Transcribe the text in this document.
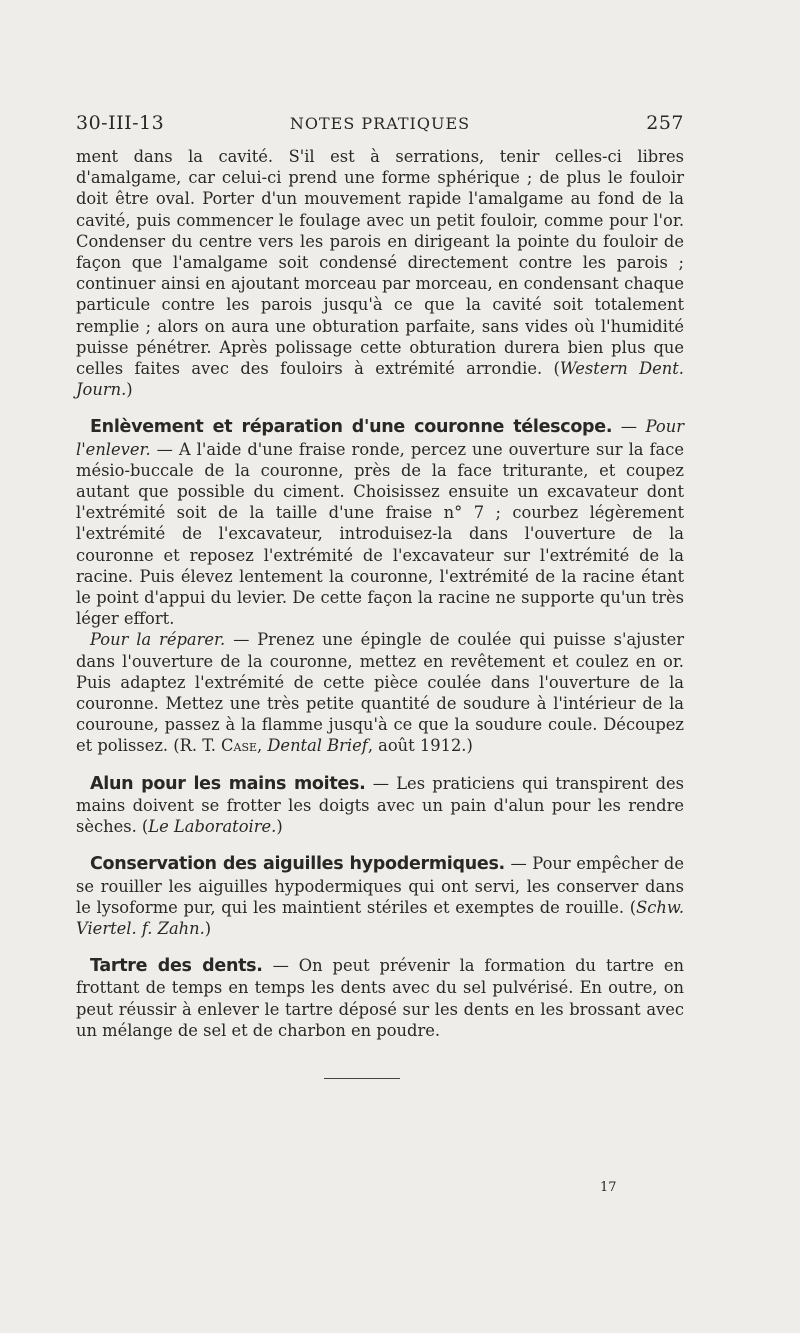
30-III-13	NOTES PRATIQUES	257

ment dans la cavité. S'il est à serrations, tenir celles-ci libres d'amalgame, car celui-ci prend une forme sphérique ; de plus le fouloir doit être oval. Porter d'un mouvement rapide l'amalgame au fond de la cavité, puis commencer le foulage avec un petit fouloir, comme pour l'or. Condenser du centre vers les parois en dirigeant la pointe du fouloir de façon que l'amalgame soit condensé directement contre les parois ; continuer ainsi en ajoutant morceau par morceau, en condensant chaque particule contre les parois jusqu'à ce que la cavité soit totalement remplie ; alors on aura une obturation parfaite, sans vides où l'humidité puisse pénétrer. Après polissage cette obturation durera bien plus que celles faites avec des fouloirs à extrémité arrondie. (Western Dent. Journ.)

Enlèvement et réparation d'une couronne télescope. — Pour l'enlever. — A l'aide d'une fraise ronde, percez une ouverture sur la face mésio-buccale de la couronne, près de la face triturante, et coupez autant que possible du ciment. Choisissez ensuite un excavateur dont l'extrémité soit de la taille d'une fraise n° 7 ; courbez légèrement l'extrémité de l'excavateur, introduisez-la dans l'ouverture de la couronne et reposez l'extrémité de l'excavateur sur l'extrémité de la racine. Puis élevez lentement la couronne, l'extrémité de la racine étant le point d'appui du levier. De cette façon la racine ne supporte qu'un très léger effort.

Pour la réparer. — Prenez une épingle de coulée qui puisse s'ajuster dans l'ouverture de la couronne, mettez en revêtement et coulez en or. Puis adaptez l'extrémité de cette pièce coulée dans l'ouverture de la couronne. Mettez une très petite quantité de soudure à l'intérieur de la couroune, passez à la flamme jusqu'à ce que la soudure coule. Découpez et polissez. (R. T. Case, Dental Brief, août 1912.)

Alun pour les mains moites. — Les praticiens qui transpirent des mains doivent se frotter les doigts avec un pain d'alun pour les rendre sèches. (Le Laboratoire.)

Conservation des aiguilles hypodermiques. — Pour empêcher de se rouiller les aiguilles hypodermiques qui ont servi, les conserver dans le lysoforme pur, qui les maintient stériles et exemptes de rouille. (Schw. Viertel. f. Zahn.)

Tartre des dents. — On peut prévenir la formation du tartre en frottant de temps en temps les dents avec du sel pulvérisé. En outre, on peut réussir à enlever le tartre déposé sur les dents en les brossant avec un mélange de sel et de charbon en poudre.

17
